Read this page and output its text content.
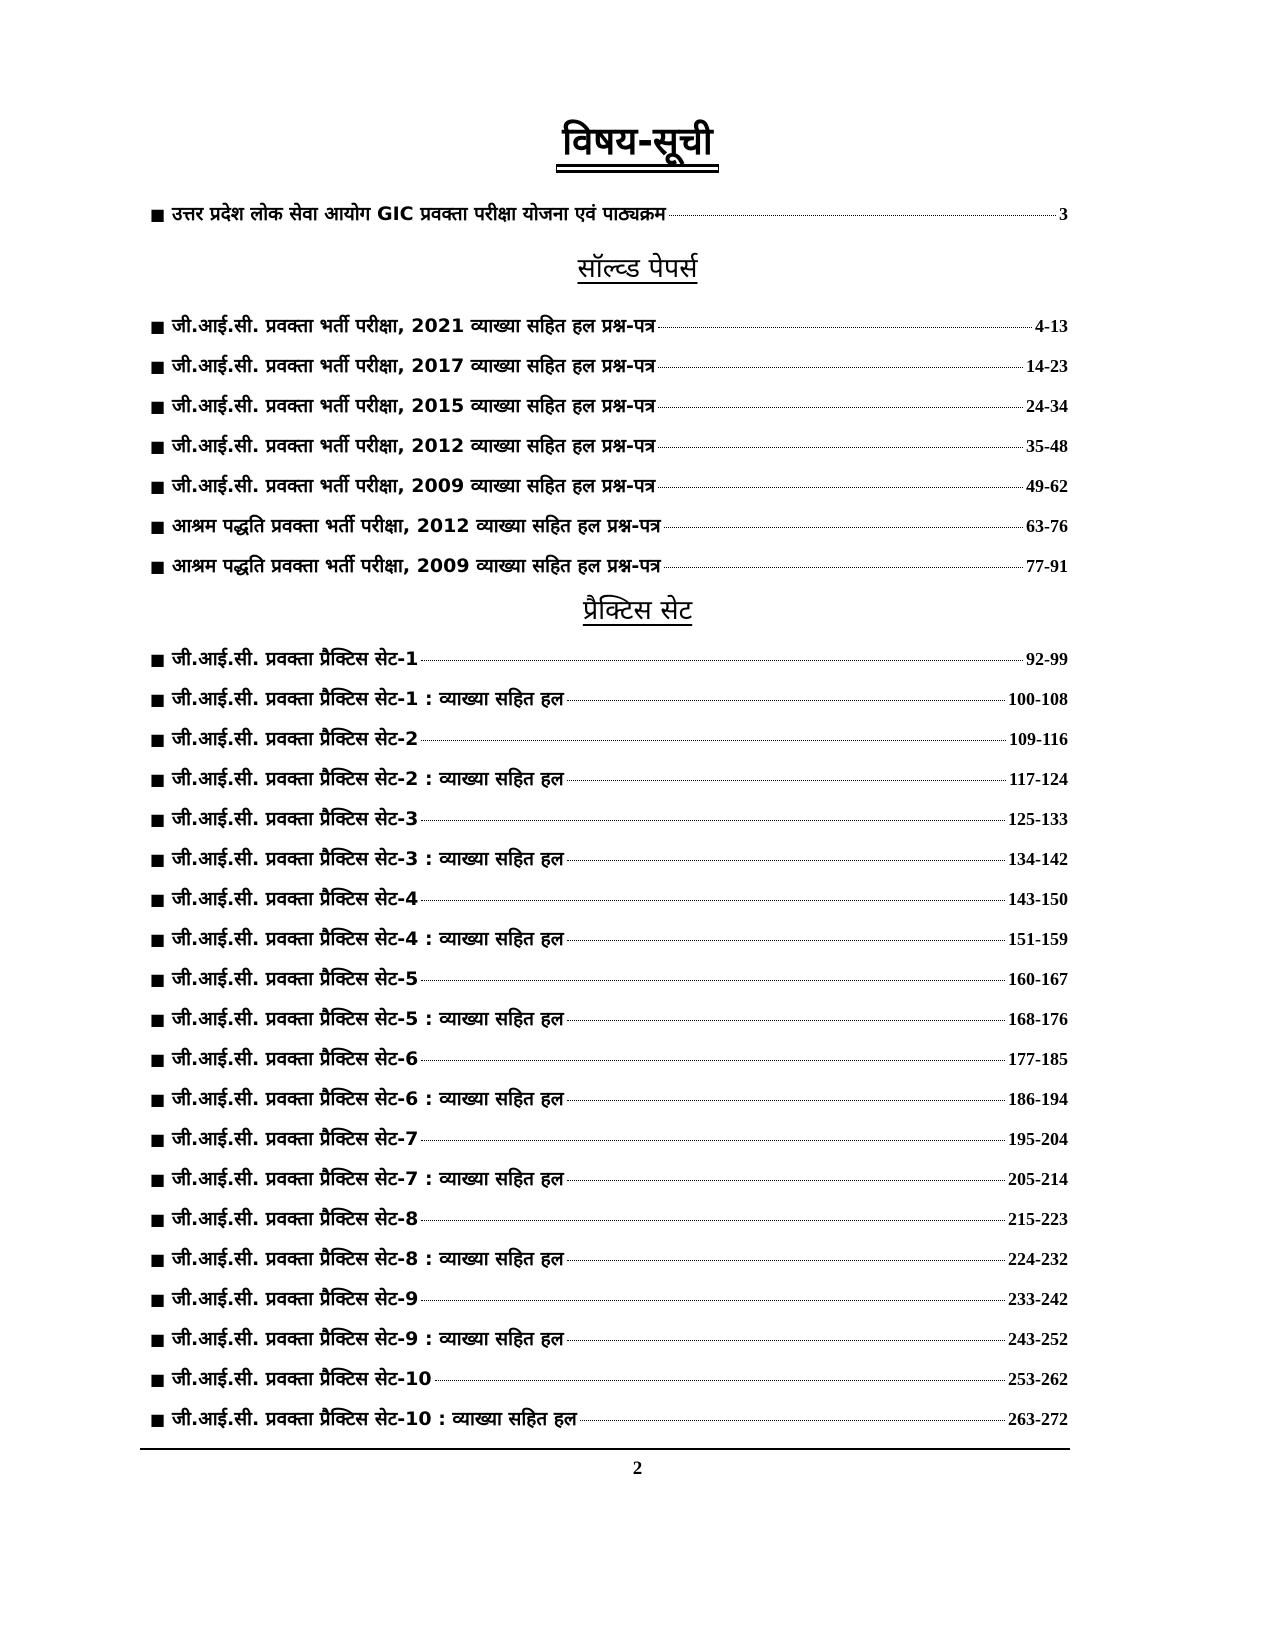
विषय-सूची
■ उत्तर प्रदेश लोक सेवा आयोग GIC प्रवक्ता परीक्षा योजना एवं पाठ्यक्रम	3
सॉल्व्ड पेपर्स
■ जी.आई.सी. प्रवक्ता भर्ती परीक्षा, 2021 व्याख्या सहित हल प्रश्न-पत्र	4-13
■ जी.आई.सी. प्रवक्ता भर्ती परीक्षा, 2017 व्याख्या सहित हल प्रश्न-पत्र	14-23
■ जी.आई.सी. प्रवक्ता भर्ती परीक्षा, 2015 व्याख्या सहित हल प्रश्न-पत्र	24-34
■ जी.आई.सी. प्रवक्ता भर्ती परीक्षा, 2012 व्याख्या सहित हल प्रश्न-पत्र	35-48
■ जी.आई.सी. प्रवक्ता भर्ती परीक्षा, 2009 व्याख्या सहित हल प्रश्न-पत्र	49-62
■ आश्रम पद्धति प्रवक्ता भर्ती परीक्षा, 2012 व्याख्या सहित हल प्रश्न-पत्र	63-76
■ आश्रम पद्धति प्रवक्ता भर्ती परीक्षा, 2009 व्याख्या सहित हल प्रश्न-पत्र	77-91
प्रैक्टिस सेट
■ जी.आई.सी. प्रवक्ता प्रैक्टिस सेट-1	92-99
■ जी.आई.सी. प्रवक्ता प्रैक्टिस सेट-1 : व्याख्या सहित हल	100-108
■ जी.आई.सी. प्रवक्ता प्रैक्टिस सेट-2	109-116
■ जी.आई.सी. प्रवक्ता प्रैक्टिस सेट-2 : व्याख्या सहित हल	117-124
■ जी.आई.सी. प्रवक्ता प्रैक्टिस सेट-3	125-133
■ जी.आई.सी. प्रवक्ता प्रैक्टिस सेट-3 : व्याख्या सहित हल	134-142
■ जी.आई.सी. प्रवक्ता प्रैक्टिस सेट-4	143-150
■ जी.आई.सी. प्रवक्ता प्रैक्टिस सेट-4 : व्याख्या सहित हल	151-159
■ जी.आई.सी. प्रवक्ता प्रैक्टिस सेट-5	160-167
■ जी.आई.सी. प्रवक्ता प्रैक्टिस सेट-5 : व्याख्या सहित हल	168-176
■ जी.आई.सी. प्रवक्ता प्रैक्टिस सेट-6	177-185
■ जी.आई.सी. प्रवक्ता प्रैक्टिस सेट-6 : व्याख्या सहित हल	186-194
■ जी.आई.सी. प्रवक्ता प्रैक्टिस सेट-7	195-204
■ जी.आई.सी. प्रवक्ता प्रैक्टिस सेट-7 : व्याख्या सहित हल	205-214
■ जी.आई.सी. प्रवक्ता प्रैक्टिस सेट-8	215-223
■ जी.आई.सी. प्रवक्ता प्रैक्टिस सेट-8 : व्याख्या सहित हल	224-232
■ जी.आई.सी. प्रवक्ता प्रैक्टिस सेट-9	233-242
■ जी.आई.सी. प्रवक्ता प्रैक्टिस सेट-9 : व्याख्या सहित हल	243-252
■ जी.आई.सी. प्रवक्ता प्रैक्टिस सेट-10	253-262
■ जी.आई.सी. प्रवक्ता प्रैक्टिस सेट-10 : व्याख्या सहित हल	263-272
2
